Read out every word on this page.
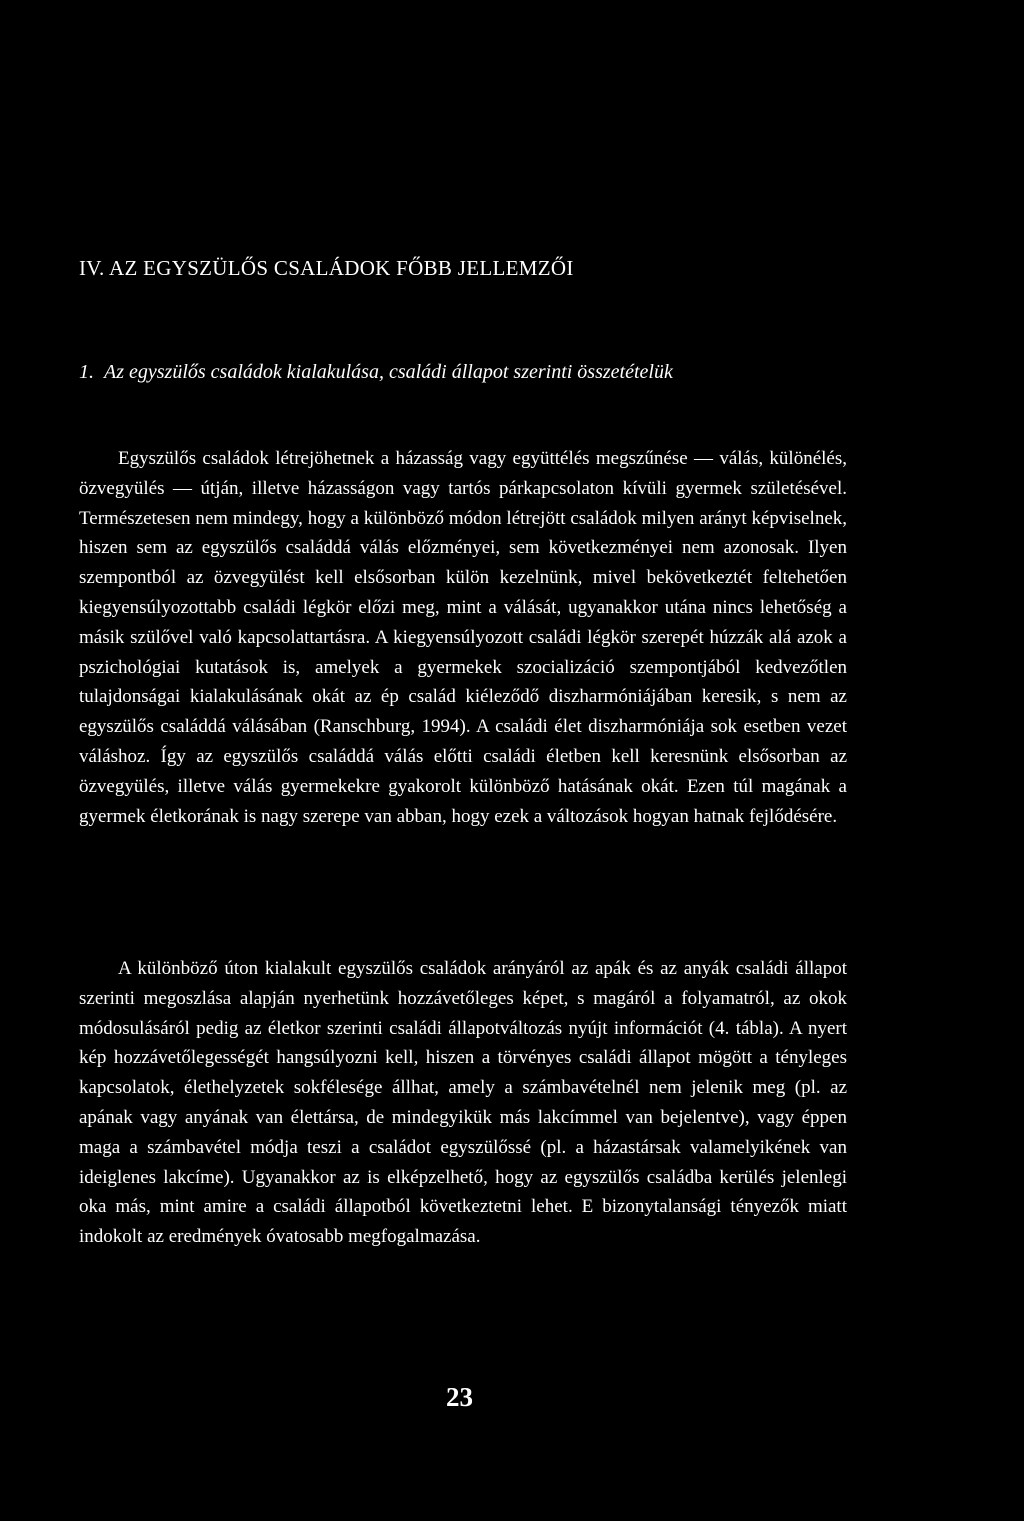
IV. AZ EGYSZÜLŐS CSALÁDOK FŐBB JELLEMZŐI
1. Az egyszülős családok kialakulása, családi állapot szerinti összetételük

Egyszülős családok létrejöhetnek a házasság vagy együttélés megszűnése — válás, különélés, özvegyülés — útján, illetve házasságon vagy tartós párkapcsolaton kívüli gyermek születésével. Természetesen nem mindegy, hogy a különböző módon létrejött családok milyen arányt képviselnek, hiszen sem az egyszülős családdá válás előzményei, sem következményei nem azonosak. Ilyen szempontból az özvegyülést kell elsősorban külön kezelnünk, mivel bekövetkeztét feltehetően kiegyensúlyozottabb családi légkör előzi meg, mint a válását, ugyanakkor utána nincs lehetőség a másik szülővel való kapcsolattartásra. A kiegyensúlyozott családi légkör szerepét húzzák alá azok a pszichológiai kutatások is, amelyek a gyermekek szocializáció szempontjából kedvezőtlen tulajdonságai kialakulásának okát az ép család kiéleződő diszharmóniájában keresik, s nem az egyszülős családdá válásában (Ranschburg, 1994). A családi élet diszharmóniája sok esetben vezet váláshoz. Így az egyszülős családdá válás előtti családi életben kell keresnünk elsősorban az özvegyülés, illetve válás gyermekekre gyakorolt különböző hatásának okát. Ezen túl magának a gyermek életkorának is nagy szerepe van abban, hogy ezek a változások hogyan hatnak fejlődésére.

A különböző úton kialakult egyszülős családok arányáról az apák és az anyák családi állapot szerinti megoszlása alapján nyerhetünk hozzávetőleges képet, s magáról a folyamatról, az okok módosulásáról pedig az életkor szerinti családi állapotváltozás nyújt információt (4. tábla). A nyert kép hozzávetőlegességét hangsúlyozni kell, hiszen a törvényes családi állapot mögött a tényleges kapcsolatok, élethelyzetek sokfélesége állhat, amely a számbavételnél nem jelenik meg (pl. az apának vagy anyának van élettársa, de mindegyikük más lakcímmel van bejelentve), vagy éppen maga a számbavétel módja teszi a családot egyszülőssé (pl. a házastársak valamelyikének van ideiglenes lakcíme). Ugyanakkor az is elképzelhető, hogy az egyszülős családba kerülés jelenlegi oka más, mint amire a családi állapotból következtetni lehet. E bizonytalansági tényezők miatt indokolt az eredmények óvatosabb megfogalmazása.

23
